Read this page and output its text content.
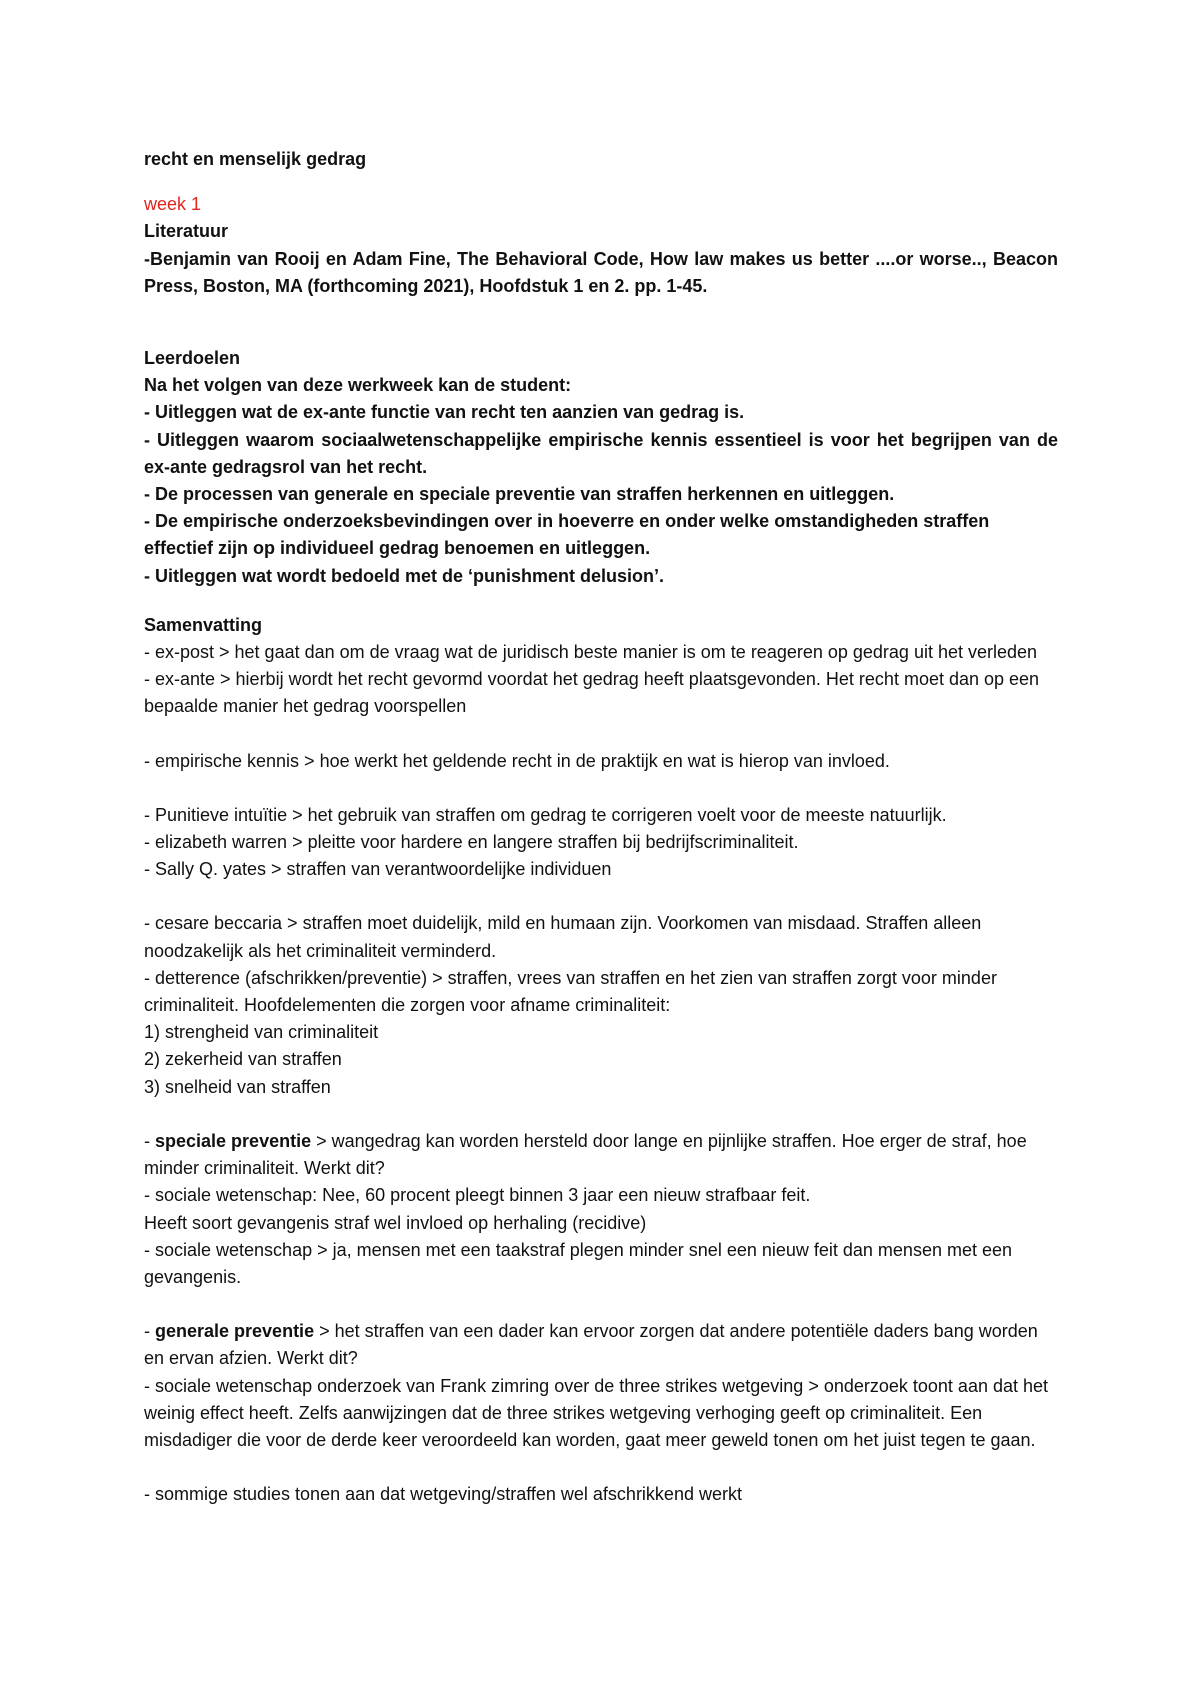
recht en menselijk gedrag

week 1

Literatuur

-Benjamin van Rooij en Adam Fine, The Behavioral Code, How law makes us better ....or worse.., Beacon Press, Boston, MA (forthcoming 2021), Hoofdstuk 1 en 2. pp. 1-45.

Leerdoelen

Na het volgen van deze werkweek kan de student:

- Uitleggen wat de ex-ante functie van recht ten aanzien van gedrag is.

- Uitleggen waarom sociaalwetenschappelijke empirische kennis essentieel is voor het begrijpen van de ex-ante gedragsrol van het recht.

- De processen van generale en speciale preventie van straffen herkennen en uitleggen.

- De empirische onderzoeksbevindingen over in hoeverre en onder welke omstandigheden straffen effectief zijn op individueel gedrag benoemen en uitleggen.

- Uitleggen wat wordt bedoeld met de ‘punishment delusion’.

Samenvatting

- ex-post > het gaat dan om de vraag wat de juridisch beste manier is om te reageren op gedrag uit het verleden

- ex-ante > hierbij wordt het recht gevormd voordat het gedrag heeft plaatsgevonden. Het recht moet dan op een bepaalde manier het gedrag voorspellen

- empirische kennis > hoe werkt het geldende recht in de praktijk en wat is hierop van invloed.

- Punitieve intuïtie > het gebruik van straffen om gedrag te corrigeren voelt voor de meeste natuurlijk.

- elizabeth warren > pleitte voor hardere en langere straffen bij bedrijfscriminaliteit.

- Sally Q. yates > straffen van verantwoordelijke individuen

- cesare beccaria > straffen moet duidelijk, mild en humaan zijn. Voorkomen van misdaad. Straffen alleen noodzakelijk als het criminaliteit verminderd.

- detterence (afschrikken/preventie) > straffen, vrees van straffen en het zien van straffen zorgt voor minder criminaliteit. Hoofdelementen die zorgen voor afname criminaliteit:

1) strengheid van criminaliteit

2) zekerheid van straffen

3) snelheid van straffen

- speciale preventie > wangedrag kan worden hersteld door lange en pijnlijke straffen. Hoe erger de straf, hoe minder criminaliteit. Werkt dit?

- sociale wetenschap: Nee, 60 procent pleegt binnen 3 jaar een nieuw strafbaar feit.

Heeft soort gevangenis straf wel invloed op herhaling (recidive)

- sociale wetenschap > ja, mensen met een taakstraf plegen minder snel een nieuw feit dan mensen met een gevangenis.

- generale preventie > het straffen van een dader kan ervoor zorgen dat andere potentiële daders bang worden en ervan afzien. Werkt dit?

- sociale wetenschap onderzoek van Frank zimring over de three strikes wetgeving > onderzoek toont aan dat het weinig effect heeft. Zelfs aanwijzingen dat de three strikes wetgeving verhoging geeft op criminaliteit. Een misdadiger die voor de derde keer veroordeeld kan worden, gaat meer geweld tonen om het juist tegen te gaan.

- sommige studies tonen aan dat wetgeving/straffen wel afschrikkend werkt
